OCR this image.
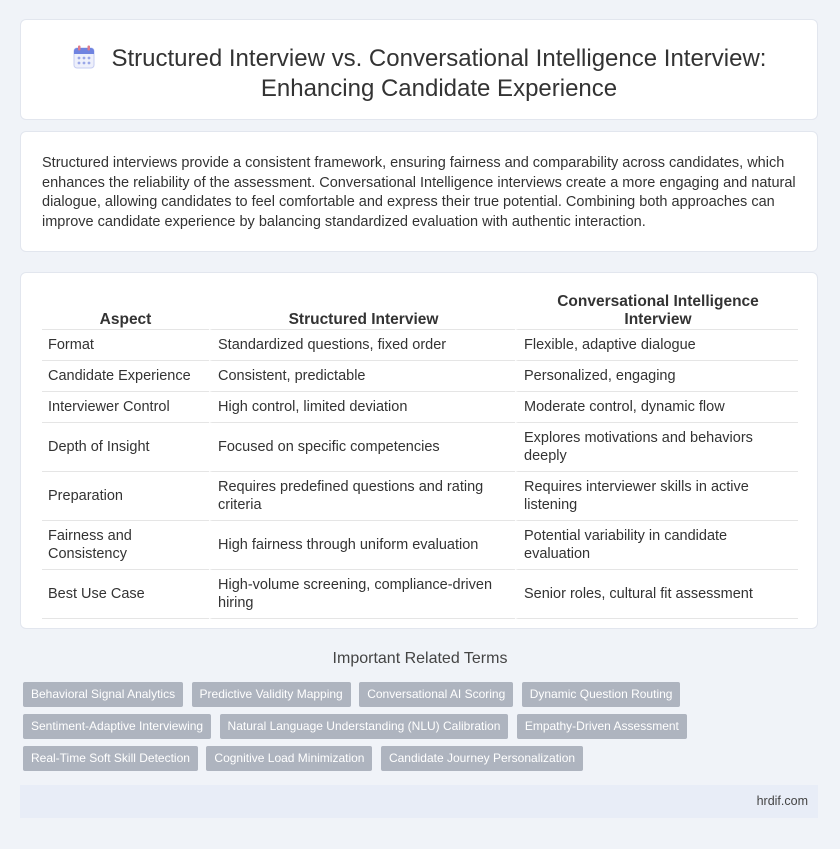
Structured Interview vs. Conversational Intelligence Interview: Enhancing Candidate Experience

Structured interviews provide a consistent framework, ensuring fairness and comparability across candidates, which enhances the reliability of the assessment. Conversational Intelligence interviews create a more engaging and natural dialogue, allowing candidates to feel comfortable and express their true potential. Combining both approaches can improve candidate experience by balancing standardized evaluation with authentic interaction.

Aspect	Structured Interview	Conversational Intelligence Interview
Format	Standardized questions, fixed order	Flexible, adaptive dialogue
Candidate Experience	Consistent, predictable	Personalized, engaging
Interviewer Control	High control, limited deviation	Moderate control, dynamic flow
Depth of Insight	Focused on specific competencies	Explores motivations and behaviors deeply
Preparation	Requires predefined questions and rating criteria	Requires interviewer skills in active listening
Fairness and Consistency	High fairness through uniform evaluation	Potential variability in candidate evaluation
Best Use Case	High-volume screening, compliance-driven hiring	Senior roles, cultural fit assessment
Important Related Terms
Behavioral Signal Analytics Predictive Validity Mapping Conversational AI Scoring Dynamic Question Routing Sentiment-Adaptive Interviewing Natural Language Understanding (NLU) Calibration Empathy-Driven Assessment Real-Time Soft Skill Detection Cognitive Load Minimization Candidate Journey Personalization
hrdif.com
